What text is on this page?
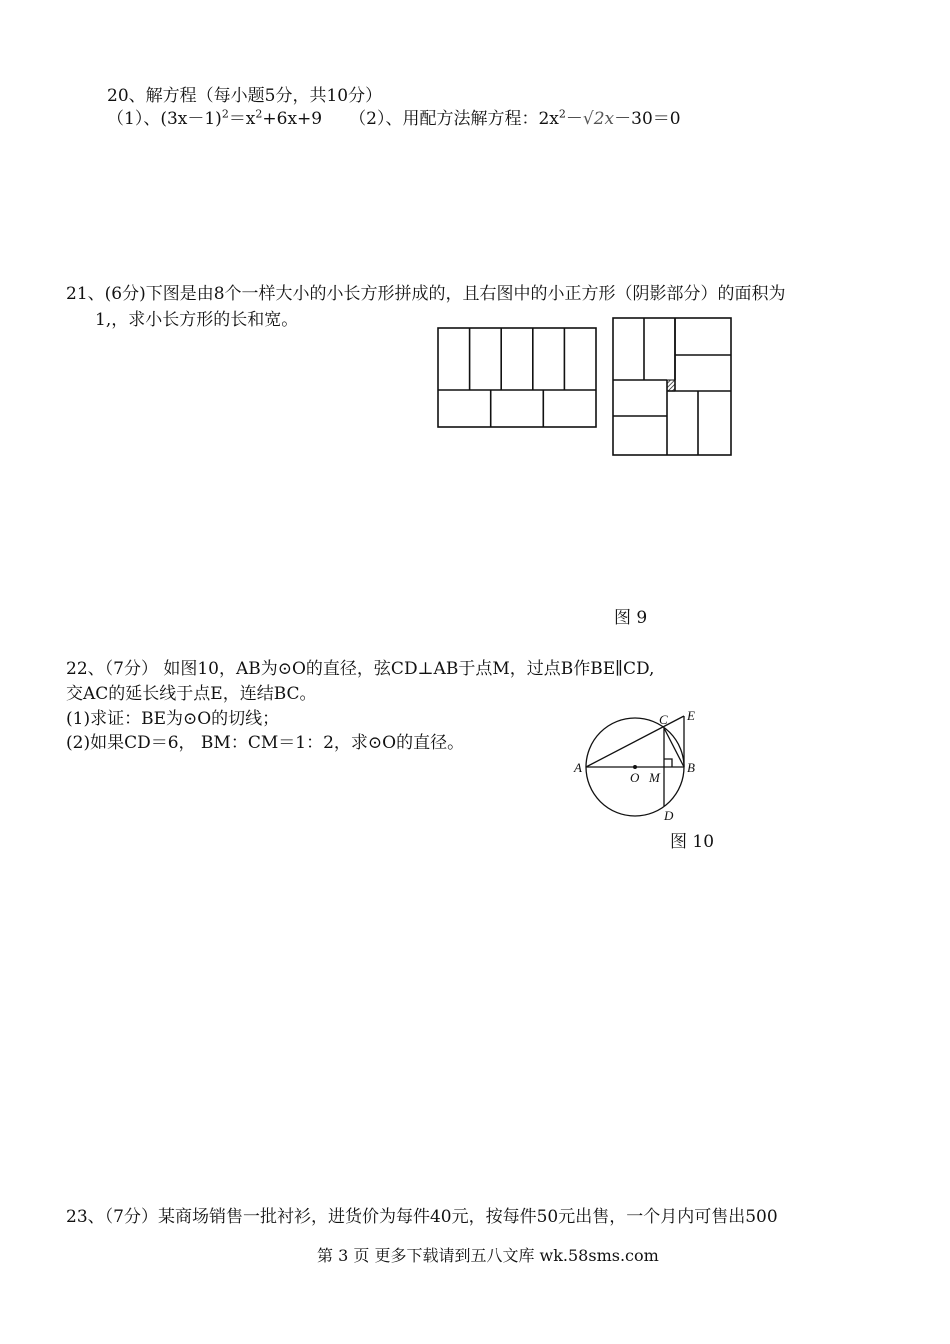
20、解方程（每小题5分，共10分）
（1）、$(3x-1)^2=x^2+6x+9$ （2）、用配方法解方程：$2x^2-√2x-30=0$
21、(6分)下图是由8个一样大小的小长方形拼成的，且右图中的小正方形（阴影部分）的面积为
1,，求小长方形的长和宽。
图 9
22、（7分） 如图10，AB为⊙O的直径，弦CD⊥AB于点M，过点B作BE∥CD,
交AC的延长线于点E，连结BC。
(1)求证：BE为⊙O的切线；
(2)如果CD＝6， BM：CM＝1：2，求⊙O的直径。
A	B
C
D
E
O M
图 10
23、（7分）某商场销售一批衬衫，进货价为每件40元，按每件50元出售，一个月内可售出500
第 3 页 更多下载请到五八文库 wk.58sms.com
